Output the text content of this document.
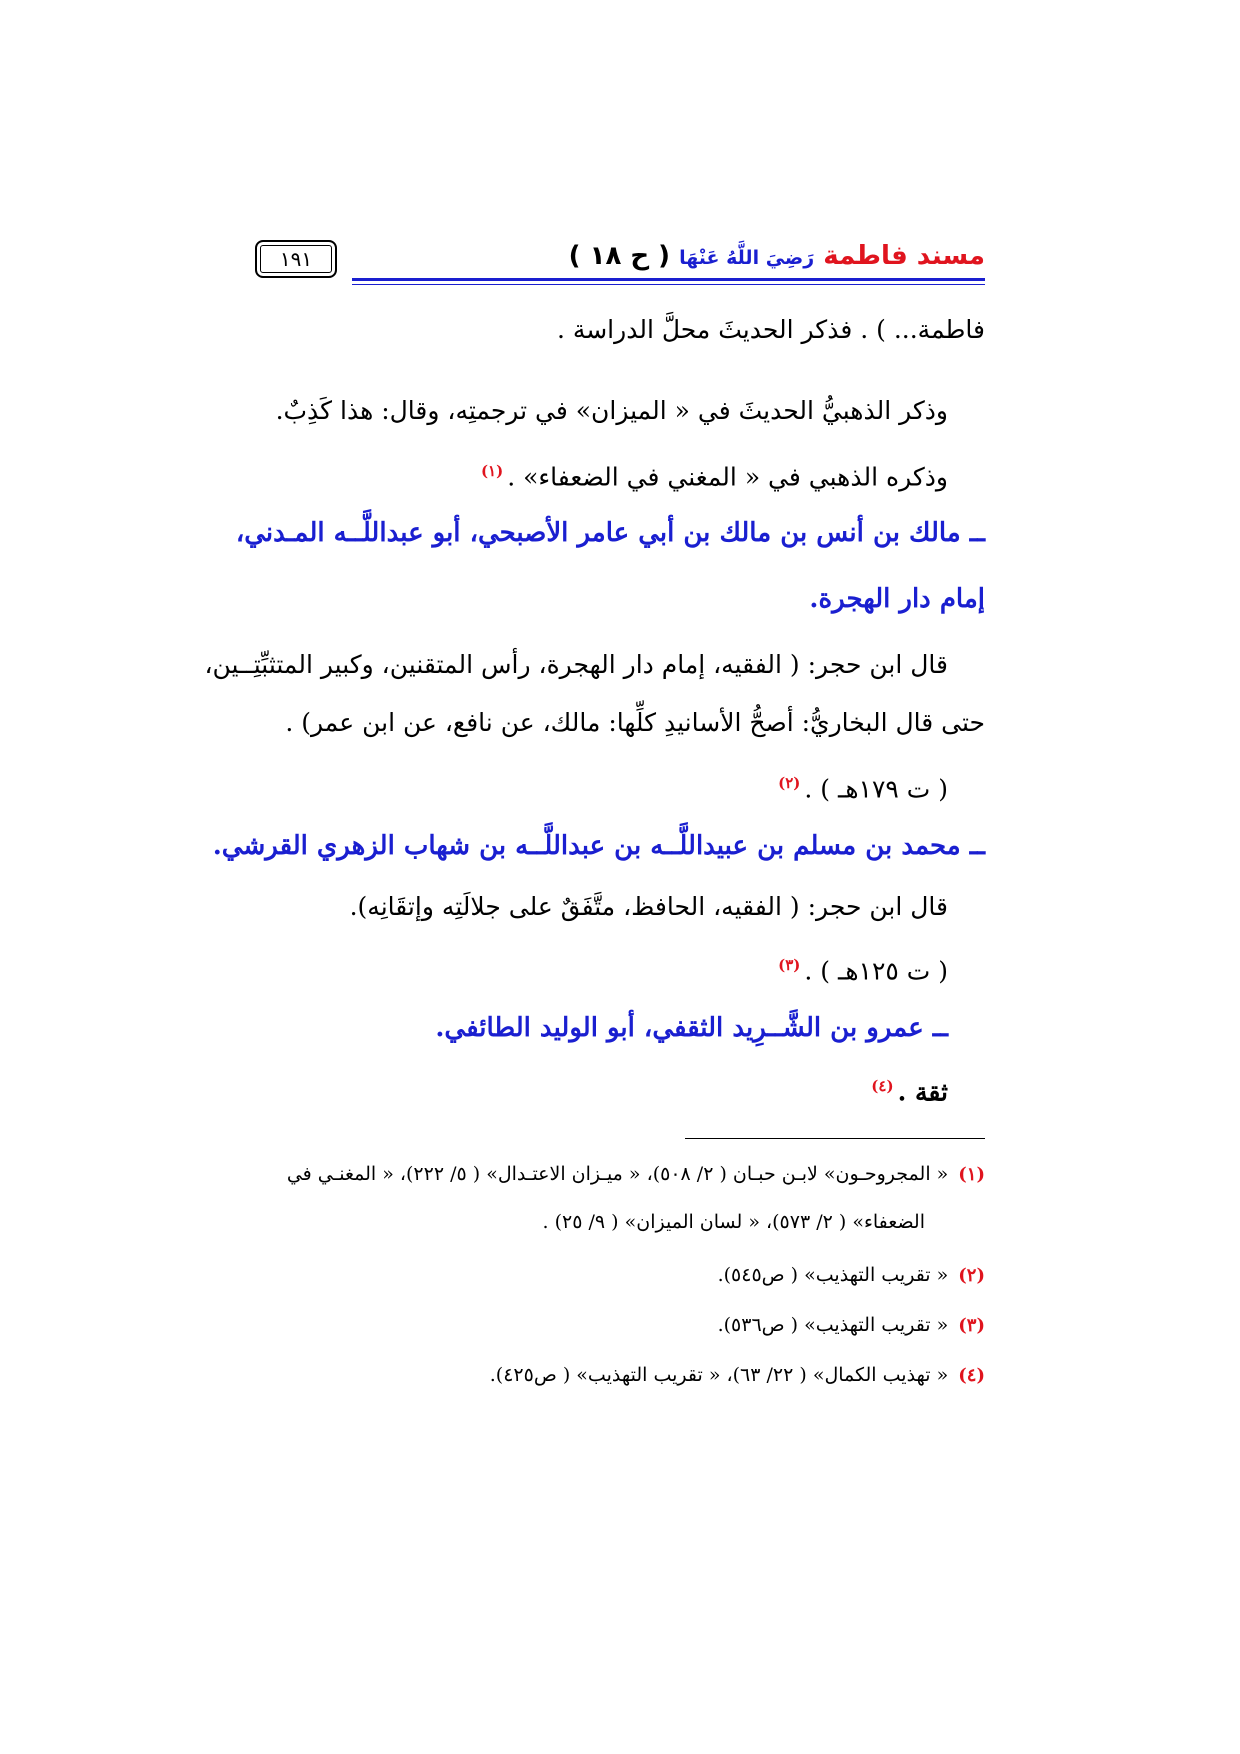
مسند فاطمة رَضِيَ اللَّهُ عَنْهَا ( ح ١٨ )
١٩١
فاطمة... ) . فذكر الحديثَ محلَّ الدراسة .
وذكر الذهبيُّ الحديثَ في « الميزان» في ترجمتِه، وقال: هذا كَذِبٌ.
وذكره الذهبي في « المغني في الضعفاء» .$^{(١)}$
ــ مالك بن أنس بن مالك بن أبي عامر الأصبحي، أبو عبداللَّــه المـدني،
إمام دار الهجرة.
قال ابن حجر: ( الفقيه، إمام دار الهجرة، رأس المتقنين، وكبير المتثبِّتِــين،
حتى قال البخاريُّ: أصحُّ الأسانيدِ كلِّها: مالك، عن نافع، عن ابن عمر) .
( ت ١٧٩هـ ) .$^{(٢)}$
ــ محمد بن مسلم بن عبيداللَّــه بن عبداللَّــه بن شهاب الزهري القرشي.
قال ابن حجر: ( الفقيه، الحافظ، متَّفَقٌ على جلالَتِه وإتقَانِه).
( ت ١٢٥هـ ) .$^{(٣)}$
ــ عمرو بن الشَّــرِيد الثقفي، أبو الوليد الطائفي.
ثقة .$^{(٤)}$
(١)« المجروحـون» لابـن حبـان ( ٢/ ٥٠٨)، « ميـزان الاعتـدال» ( ٥/ ٢٢٢)، « المغنـي في
الضعفاء» ( ٢/ ٥٧٣)، « لسان الميزان» ( ٩/ ٢٥) .
(٢)« تقريب التهذيب» ( ص٥٤٥).
(٣)« تقريب التهذيب» ( ص٥٣٦).
(٤)« تهذيب الكمال» ( ٢٢/ ٦٣)، « تقريب التهذيب» ( ص٤٢٥).
